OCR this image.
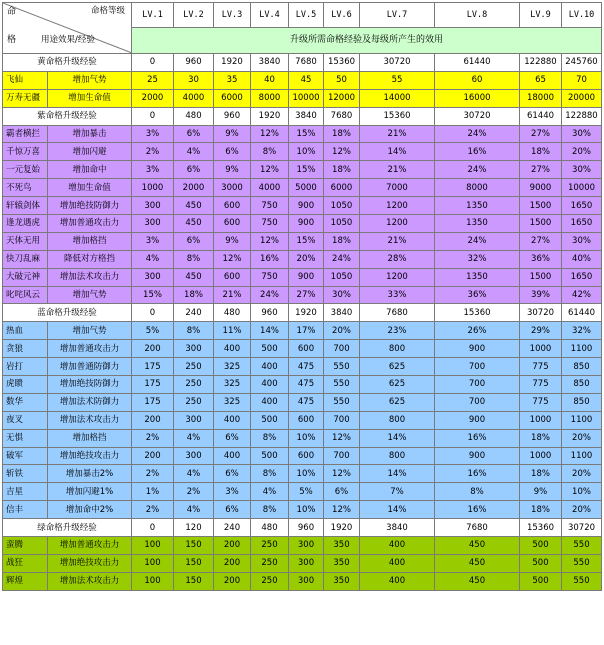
命
格
命格等级
用途效果/经验		LV.1	LV.2	LV.3	LV.4	LV.5	LV.6	LV.7	LV.8	LV.9	LV.10
		升级所需命格经验及每级所产生的效用									
黄命格升级经验		0	960	1920	3840	7680	15360	30720	61440	122880	245760
飞仙	增加气势	25	30	35	40	45	50	55	60	65	70
万寿无疆	增加生命值	2000	4000	6000	8000	10000	12000	14000	16000	18000	20000
紫命格升级经验		0	480	960	1920	3840	7680	15360	30720	61440	122880
霸者横拦	增加暴击	3%	6%	9%	12%	15%	18%	21%	24%	27%	30%
千惊万喜	增加闪避	2%	4%	6%	8%	10%	12%	14%	16%	18%	20%
一元复始	增加命中	3%	6%	9%	12%	15%	18%	21%	24%	27%	30%
不死鸟	增加生命值	1000	2000	3000	4000	5000	6000	7000	8000	9000	10000
轩辕剑体	增加绝技防御力	300	450	600	750	900	1050	1200	1350	1500	1650
逢龙遇虎	增加普通攻击力	300	450	600	750	900	1050	1200	1350	1500	1650
天体无用	增加格挡	3%	6%	9%	12%	15%	18%	21%	24%	27%	30%
快刀乱麻	降低对方格挡	4%	8%	12%	16%	20%	24%	28%	32%	36%	40%
大破元神	增加法术攻击力	300	450	600	750	900	1050	1200	1350	1500	1650
叱咤风云	增加气势	15%	18%	21%	24%	27%	30%	33%	36%	39%	42%
蓝命格升级经验		0	240	480	960	1920	3840	7680	15360	30720	61440
热血	增加气势	5%	8%	11%	14%	17%	20%	23%	26%	29%	32%
贪狼	增加普通攻击力	200	300	400	500	600	700	800	900	1000	1100
岩打	增加普通防御力	175	250	325	400	475	550	625	700	775	850
虎瞆	增加绝技防御力	175	250	325	400	475	550	625	700	775	850
数华	增加法术防御力	175	250	325	400	475	550	625	700	775	850
夜叉	增加法术攻击力	200	300	400	500	600	700	800	900	1000	1100
无惧	增加格挡	2%	4%	6%	8%	10%	12%	14%	16%	18%	20%
破军	增加绝技攻击力	200	300	400	500	600	700	800	900	1000	1100
斩铁	增加暴击2%	2%	4%	6%	8%	10%	12%	14%	16%	18%	20%
吉星	增加闪避1%	1%	2%	3%	4%	5%	6%	7%	8%	9%	10%
信丰	增加命中2%	2%	4%	6%	8%	10%	12%	14%	16%	18%	20%
绿命格升级经验		0	120	240	480	960	1920	3840	7680	15360	30720
蛮腾	增加普通攻击力	100	150	200	250	300	350	400	450	500	550
战狂	增加绝技攻击力	100	150	200	250	300	350	400	450	500	550
辉煌	增加法术攻击力	100	150	200	250	300	350	400	450	500	550
